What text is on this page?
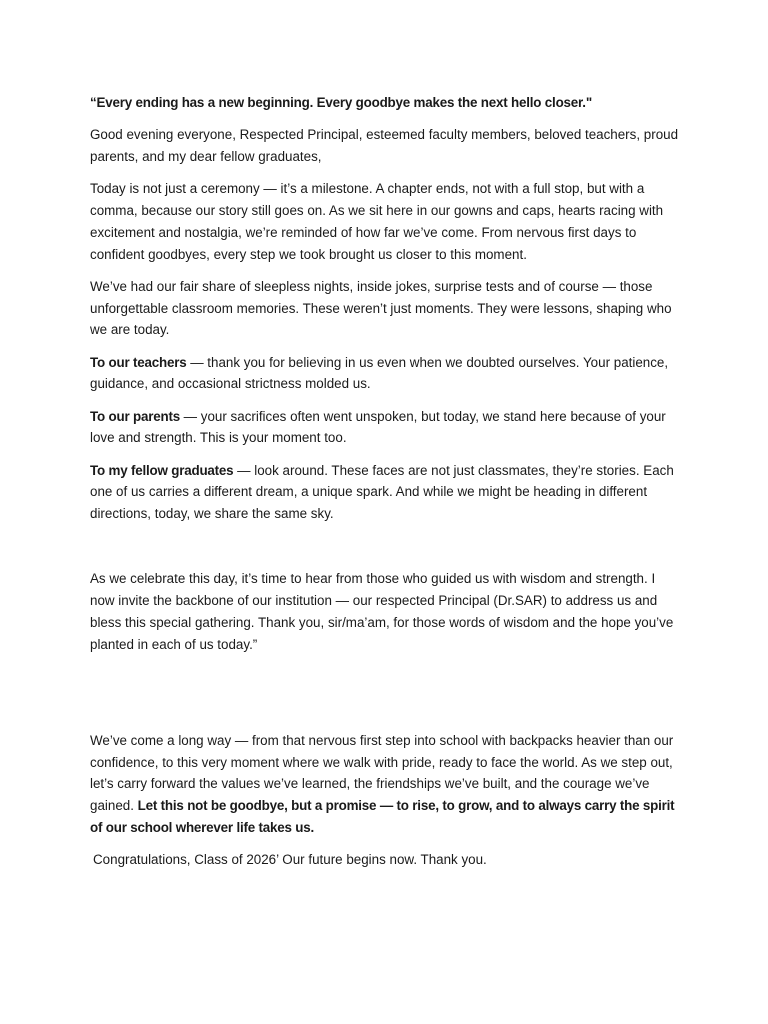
“Every ending has a new beginning. Every goodbye makes the next hello closer."

Good evening everyone, Respected Principal, esteemed faculty members, beloved teachers, proud parents, and my dear fellow graduates,

Today is not just a ceremony — it’s a milestone. A chapter ends, not with a full stop, but with a comma, because our story still goes on. As we sit here in our gowns and caps, hearts racing with excitement and nostalgia, we’re reminded of how far we’ve come. From nervous first days to confident goodbyes, every step we took brought us closer to this moment.

We’ve had our fair share of sleepless nights, inside jokes, surprise tests and of course — those unforgettable classroom memories. These weren’t just moments. They were lessons, shaping who we are today.

To our teachers — thank you for believing in us even when we doubted ourselves. Your patience, guidance, and occasional strictness molded us.

To our parents — your sacrifices often went unspoken, but today, we stand here because of your love and strength. This is your moment too.

To my fellow graduates — look around. These faces are not just classmates, they’re stories. Each one of us carries a different dream, a unique spark. And while we might be heading in different directions, today, we share the same sky.

As we celebrate this day, it’s time to hear from those who guided us with wisdom and strength. I now invite the backbone of our institution — our respected Principal (Dr.SAR) to address us and bless this special gathering. Thank you, sir/ma’am, for those words of wisdom and the hope you’ve planted in each of us today.”

We’ve come a long way — from that nervous first step into school with backpacks heavier than our confidence, to this very moment where we walk with pride, ready to face the world. As we step out, let’s carry forward the values we’ve learned, the friendships we’ve built, and the courage we’ve gained. Let this not be goodbye, but a promise — to rise, to grow, and to always carry the spirit of our school wherever life takes us.

Congratulations, Class of 2026’ Our future begins now. Thank you.
